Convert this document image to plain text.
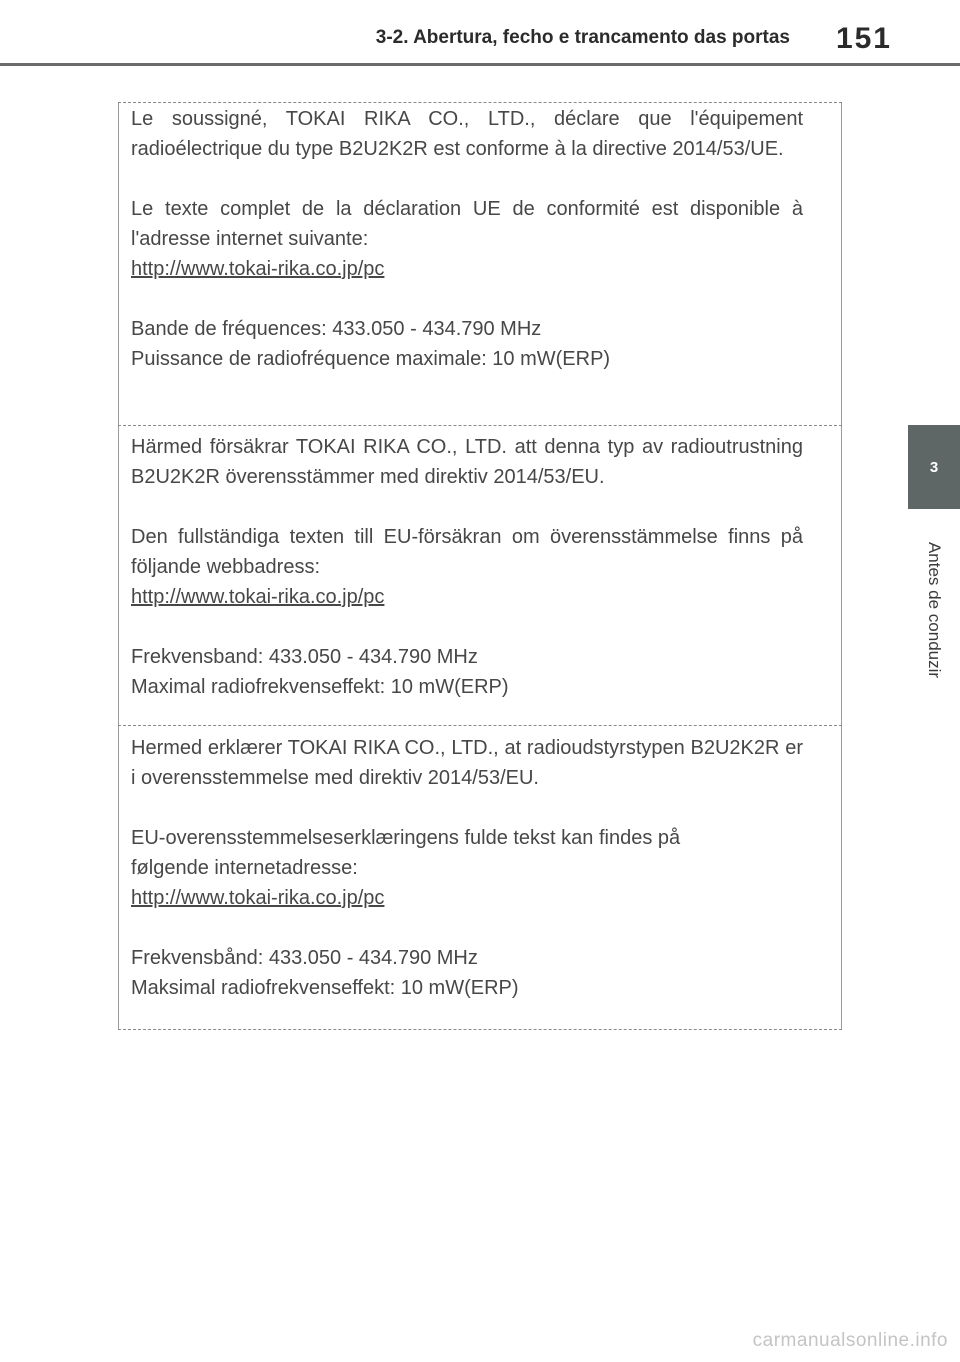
3-2. Abertura, fecho e trancamento das portas 151
3
Antes de conduzir

Le soussigné, TOKAI RIKA CO., LTD., déclare que l'équipement radioélectrique du type B2U2K2R est conforme à la directive 2014/53/UE.

Le texte complet de la déclaration UE de conformité est disponible à l'adresse internet suivante:

http://www.tokai-rika.co.jp/pc

Bande de fréquences: 433.050 - 434.790 MHz

Puissance de radiofréquence maximale: 10 mW(ERP)

Härmed försäkrar TOKAI RIKA CO., LTD. att denna typ av radioutrustning B2U2K2R överensstämmer med direktiv 2014/53/EU.

Den fullständiga texten till EU-försäkran om överensstämmelse finns på följande webbadress:

http://www.tokai-rika.co.jp/pc

Frekvensband: 433.050 - 434.790 MHz

Maximal radiofrekvenseffekt: 10 mW(ERP)

Hermed erklærer TOKAI RIKA CO., LTD., at radioudstyrstypen B2U2K2R er i overensstemmelse med direktiv 2014/53/EU.

EU-overensstemmelseserklæringens fulde tekst kan findes på

følgende internetadresse:

http://www.tokai-rika.co.jp/pc

Frekvensbånd: 433.050 - 434.790 MHz

Maksimal radiofrekvenseffekt: 10 mW(ERP)

carmanualsonline.info
